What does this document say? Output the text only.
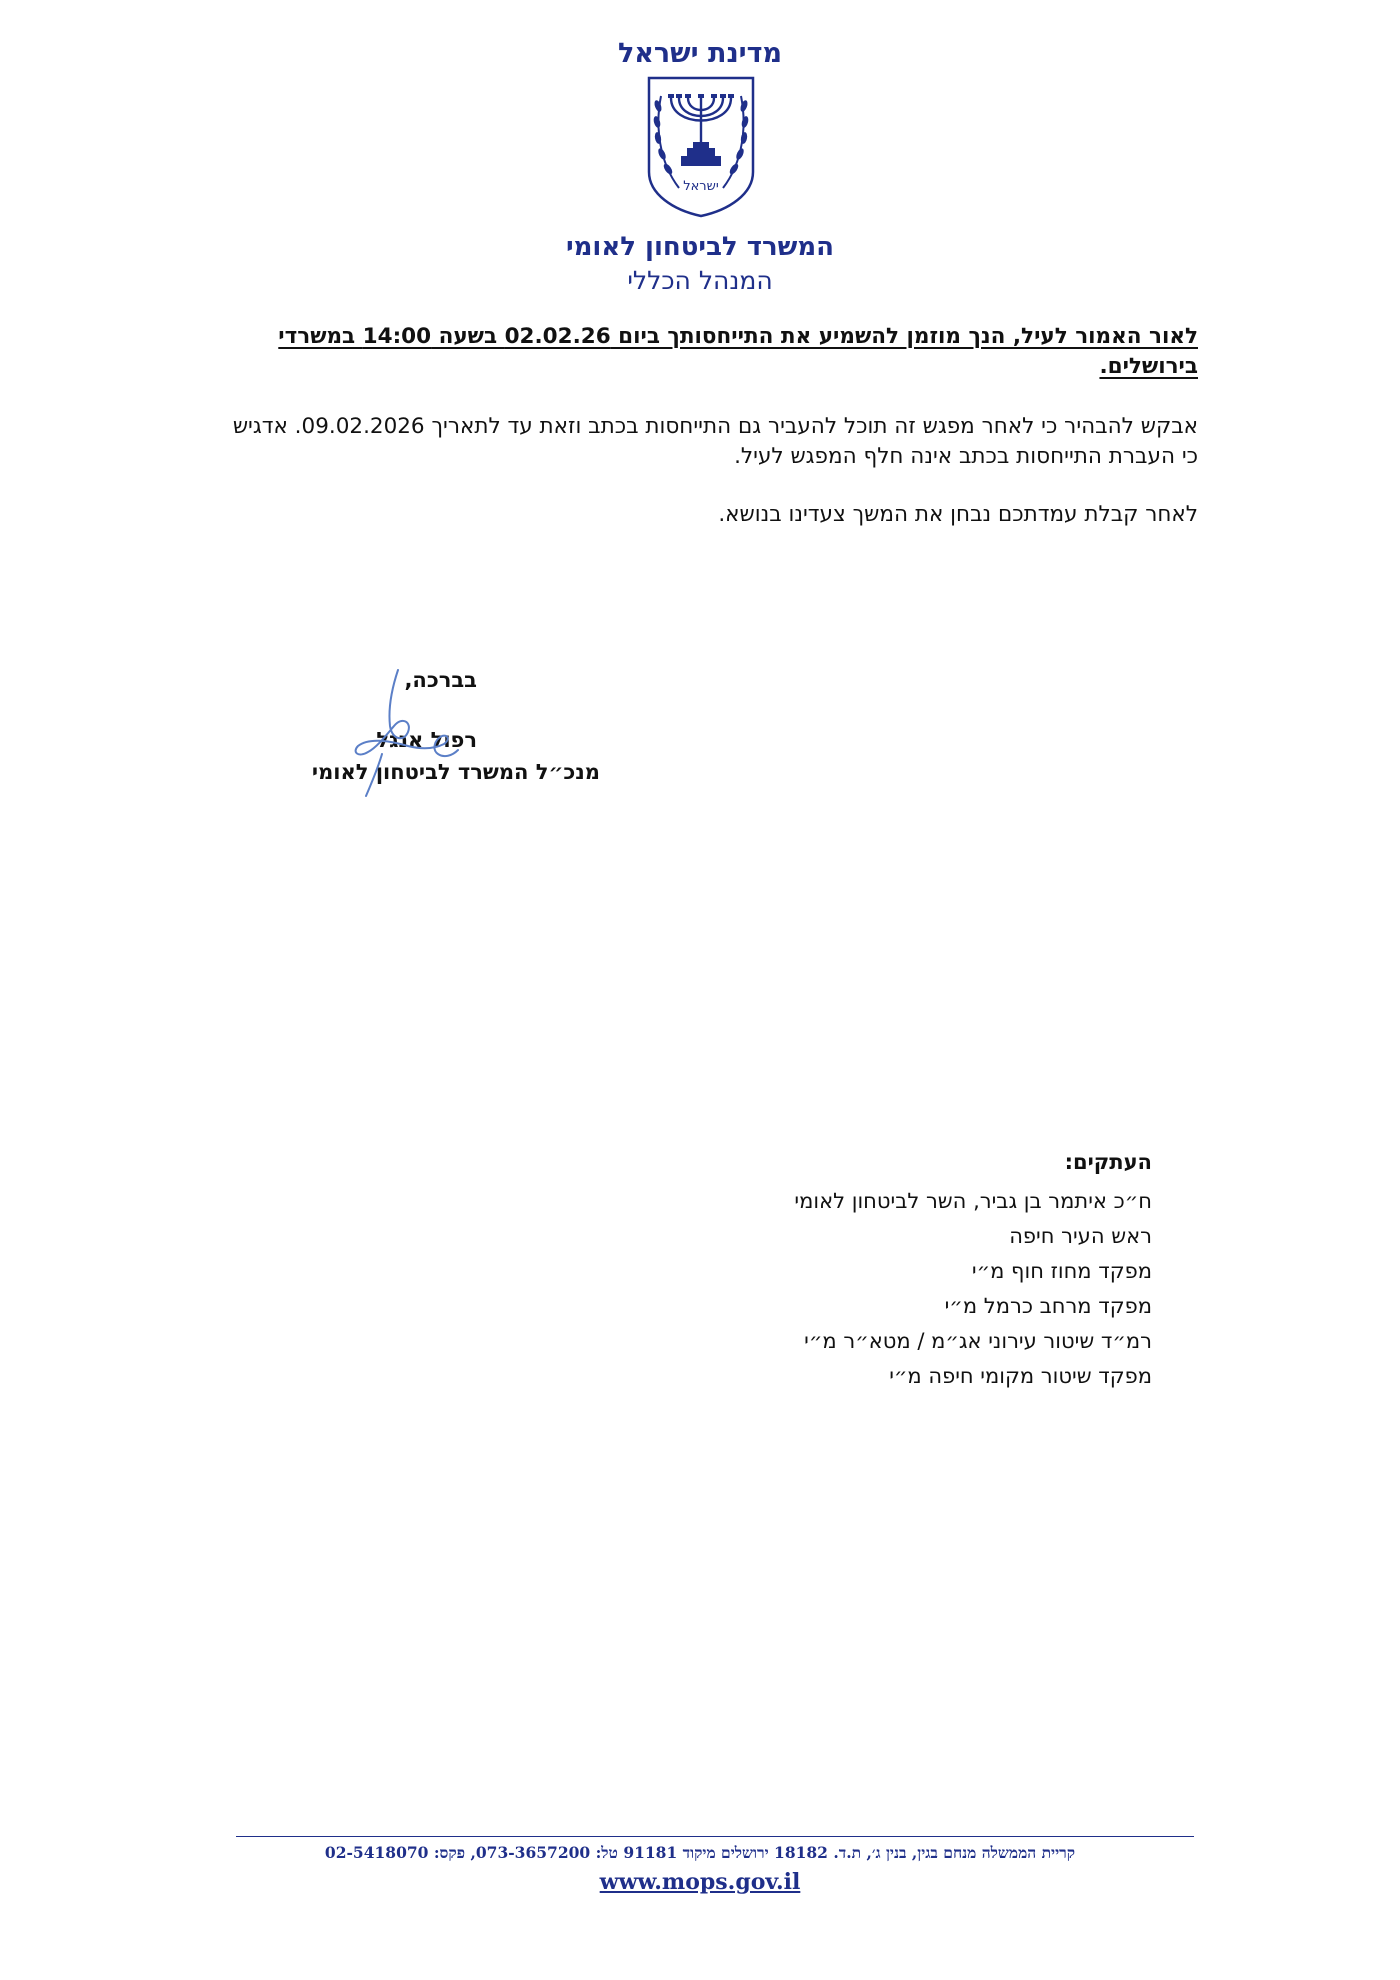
מדינת ישראל
ישראל
המשרד לביטחון לאומי
המנהל הכללי
לאור האמור לעיל, הנך מוזמן להשמיע את התייחסותך ביום 02.02.26 בשעה 14:00 במשרדי בירושלים.
אבקש להבהיר כי לאחר מפגש זה תוכל להעביר גם התייחסות בכתב וזאת עד לתאריך 09.02.2026. אדגיש כי העברת התייחסות בכתב אינה חלף המפגש לעיל.
לאחר קבלת עמדתכם נבחן את המשך צעדינו בנושא.
בברכה,
רפול אנגל
מנכ״ל המשרד לביטחון לאומי
העתקים:
ח״כ איתמר בן גביר, השר לביטחון לאומי
ראש העיר חיפה
מפקד מחוז חוף מ״י
מפקד מרחב כרמל מ״י
רמ״ד שיטור עירוני אג״מ / מטא״ר מ״י
מפקד שיטור מקומי חיפה מ״י
קריית הממשלה מנחם בגין, בנין ג׳, ת.ד. 18182 ירושלים מיקוד 91181 טל: 073-3657200, פקס: 02-5418070
www.mops.gov.il
